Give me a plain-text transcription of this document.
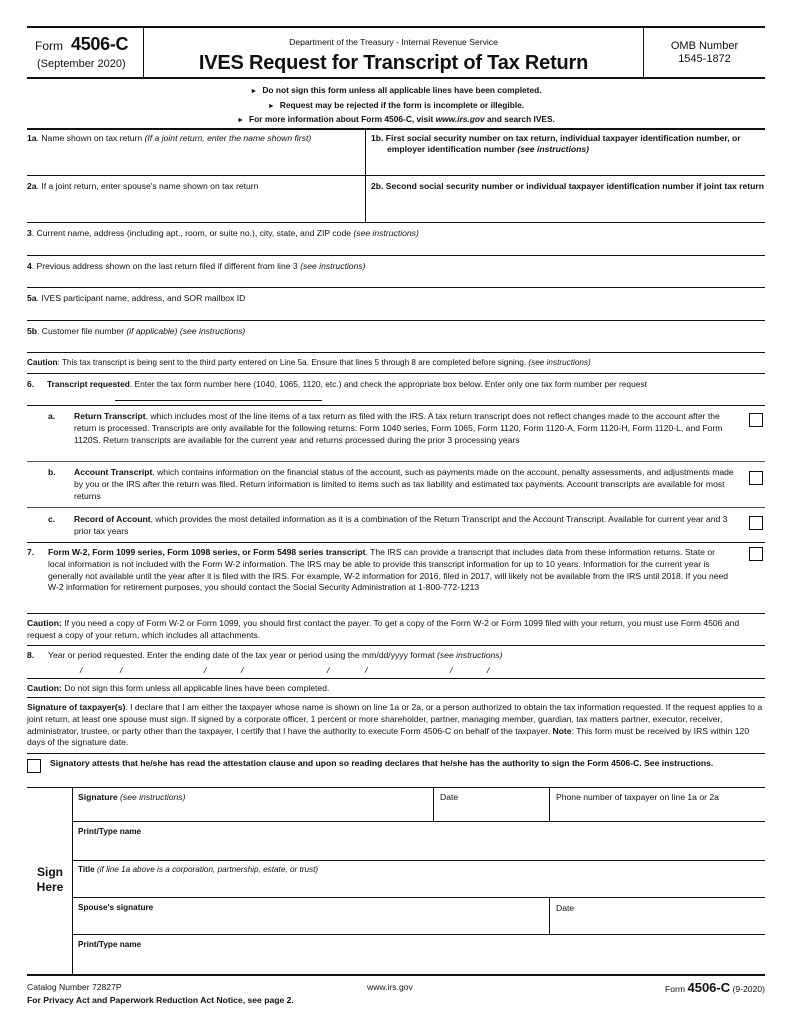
Form 4506-C
(September 2020)
Department of the Treasury - Internal Revenue Service
IVES Request for Transcript of Tax Return
OMB Number
1545-1872
► Do not sign this form unless all applicable lines have been completed.
► Request may be rejected if the form is incomplete or illegible.
► For more information about Form 4506-C, visit www.irs.gov and search IVES.
1a. Name shown on tax return (If a joint return, enter the name shown first)	1b. First social security number on tax return, individual taxpayer identification number, or employer identification number (see instructions)
2a. If a joint return, enter spouse's name shown on tax return	2b. Second social security number or individual taxpayer identification number if joint tax return
3. Current name, address (including apt., room, or suite no.), city, state, and ZIP code (see instructions)
4. Previous address shown on the last return filed if different from line 3 (see instructions)
5a. IVES participant name, address, and SOR mailbox ID
5b. Customer file number (if applicable) (see instructions)
Caution: This tax transcript is being sent to the third party entered on Line 5a. Ensure that lines 5 through 8 are completed before signing. (see instructions)
6. Transcript requested. Enter the tax form number here (1040, 1065, 1120, etc.) and check the appropriate box below. Enter only one tax form number per request
a. Return Transcript, which includes most of the line items of a tax return as filed with the IRS. A tax return transcript does not reflect changes made to the account after the return is processed. Transcripts are only available for the following returns: Form 1040 series, Form 1065, Form 1120, Form 1120-A, Form 1120-H, Form 1120-L, and Form 1120S. Return transcripts are available for the current year and returns processed during the prior 3 processing years
b. Account Transcript, which contains information on the financial status of the account, such as payments made on the account, penalty assessments, and adjustments made by you or the IRS after the return was filed. Return information is limited to items such as tax liability and estimated tax payments. Account transcripts are available for most returns
c. Record of Account, which provides the most detailed information as it is a combination of the Return Transcript and the Account Transcript. Available for current year and 3 prior tax years
7. Form W-2, Form 1099 series, Form 1098 series, or Form 5498 series transcript. The IRS can provide a transcript that includes data from these information returns. State or local information is not included with the Form W-2 information. The IRS may be able to provide this transcript information for up to 10 years. Information for the current year is generally not available until the year after it is filed with the IRS. For example, W-2 information for 2016, filed in 2017, will likely not be available from the IRS until 2018. If you need W-2 information for retirement purposes, you should contact the Social Security Administration at 1-800-772-1213
Caution: If you need a copy of Form W-2 or Form 1099, you should first contact the payer. To get a copy of the Form W-2 or Form 1099 filed with your return, you must use Form 4506 and request a copy of your return, which includes all attachments.
8. Year or period requested. Enter the ending date of the tax year or period using the mm/dd/yyyy format (see instructions)
/	/	/	/	/	/	/	/
Caution: Do not sign this form unless all applicable lines have been completed.
Signature of taxpayer(s). I declare that I am either the taxpayer whose name is shown on line 1a or 2a, or a person authorized to obtain the tax information requested. If the request applies to a joint return, at least one spouse must sign. If signed by a corporate officer, 1 percent or more shareholder, partner, managing member, guardian, tax matters partner, executor, receiver, administrator, trustee, or party other than the taxpayer, I certify that I have the authority to execute Form 4506-C on behalf of the taxpayer. Note: This form must be received by IRS within 120 days of the signature date.
Signatory attests that he/she has read the attestation clause and upon so reading declares that he/she has the authority to sign the Form 4506-C. See instructions.
Sign
Here
Signature (see instructions)	Date	Phone number of taxpayer on line 1a or 2a
Print/Type name
Title (if line 1a above is a corporation, partnership, estate, or trust)
Spouse's signature	Date
Print/Type name
Catalog Number 72827P	www.irs.gov
For Privacy Act and Paperwork Reduction Act Notice, see page 2.
Form 4506-C (9-2020)
